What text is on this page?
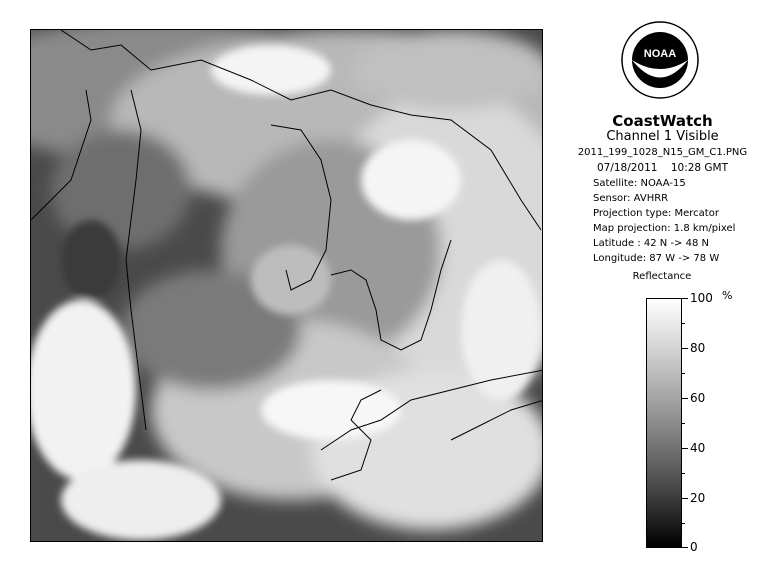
NOAA
CoastWatch
Channel 1 Visible
2011_199_1028_N15_GM_C1.PNG
07/18/2011 10:28 GMT
Satellite: NOAA-15
Sensor: AVHRR
Projection type: Mercator
Map projection: 1.8 km/pixel
Latitude : 42 N -> 48 N
Longitude: 87 W -> 78 W
Reflectance
%
100
80
60
40
20
0
